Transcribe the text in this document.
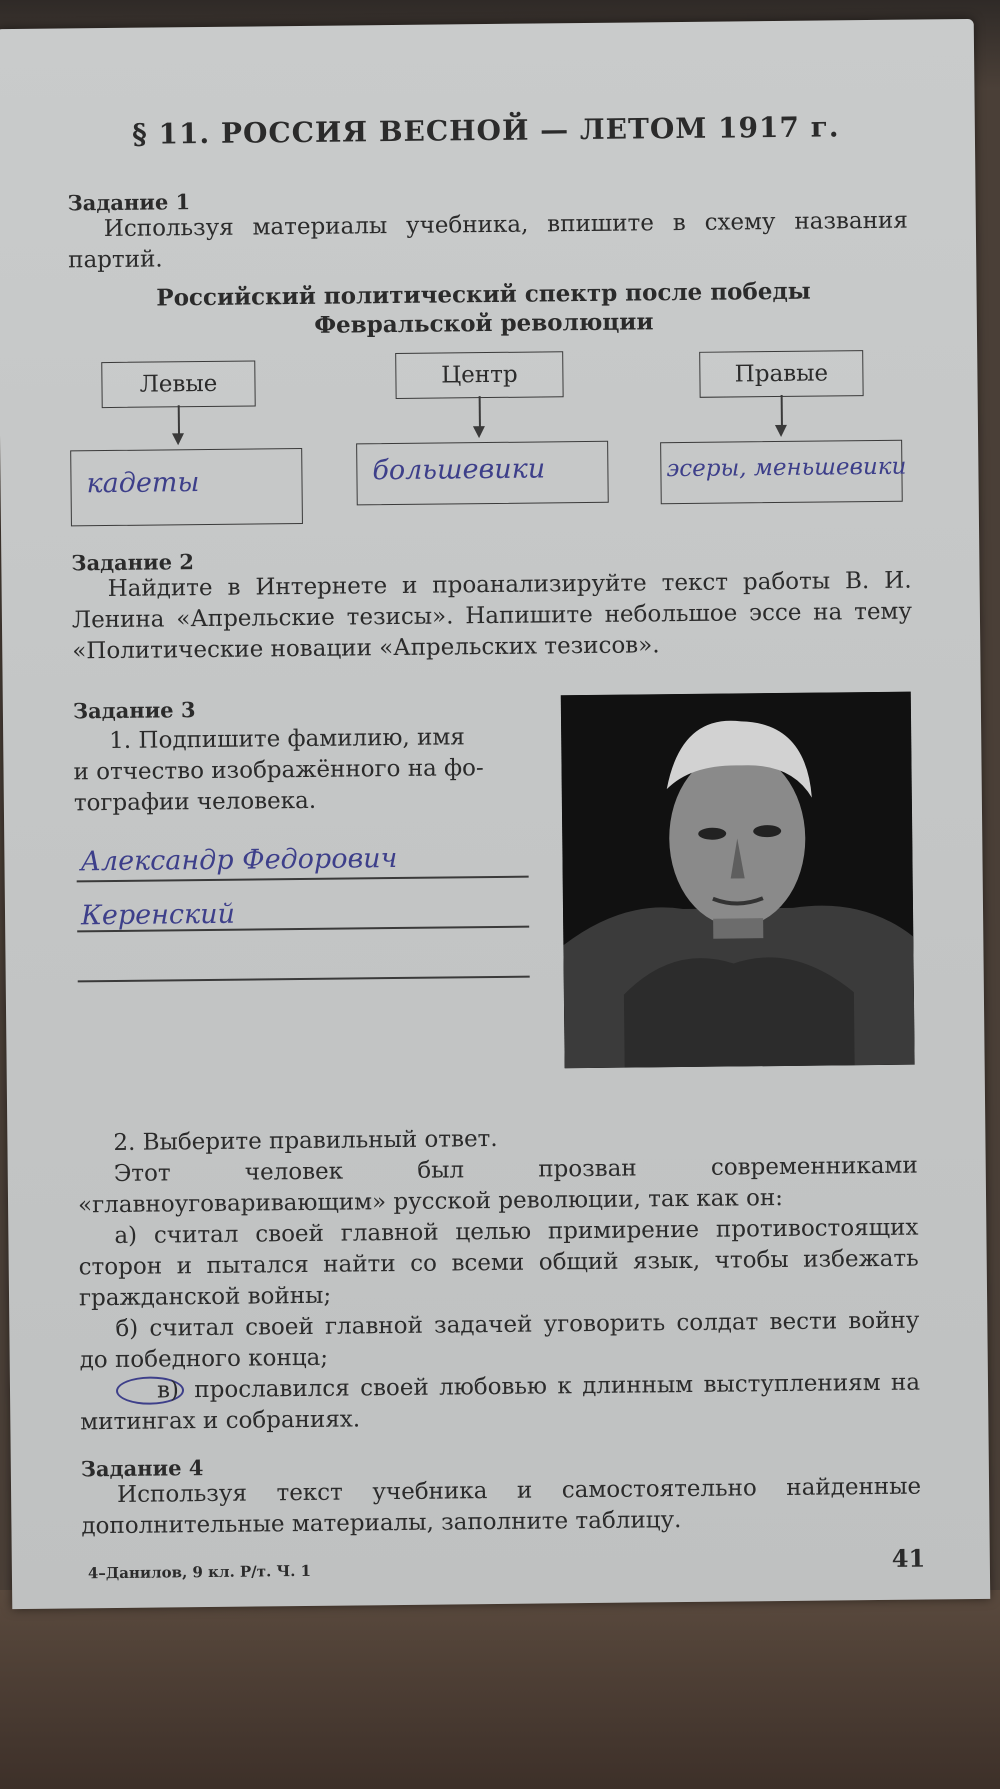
§ 11. РОССИЯ ВЕСНОЙ — ЛЕТОМ 1917 г.
Задание 1

Используя материалы учебника, впишите в схему названия партий.

Российский политический спектр после победы
Февральской революции
Левые	Центр	Правые
кадеты	большевики	эсеры, меньшевики
Задание 2

Найдите в Интернете и проанализируйте текст работы В. И. Ленина «Апрельские тезисы». Напишите небольшое эссе на тему «Политические новации «Апрельских тезисов».

Задание 3
1. Подпишите фамилию, имя
и отчество изображённого на фо-
тографии человека.
Александр Федорович
Керенский
2. Выберите правильный ответ.

Этот человек был прозван современниками «главноуговаривающим» русской революции, так как он:

а) считал своей главной целью примирение противостоящих сторон и пытался найти со всеми общий язык, чтобы избежать гражданской войны;

б) считал своей главной задачей уговорить солдат вести войну до победного конца;

в) прославился своей любовью к длинным выступлениям на митингах и собраниях.

Задание 4

Используя текст учебника и самостоятельно найденные дополнительные материалы, заполните таблицу.

4–Данилов, 9 кл. Р/т. Ч. 1	41
